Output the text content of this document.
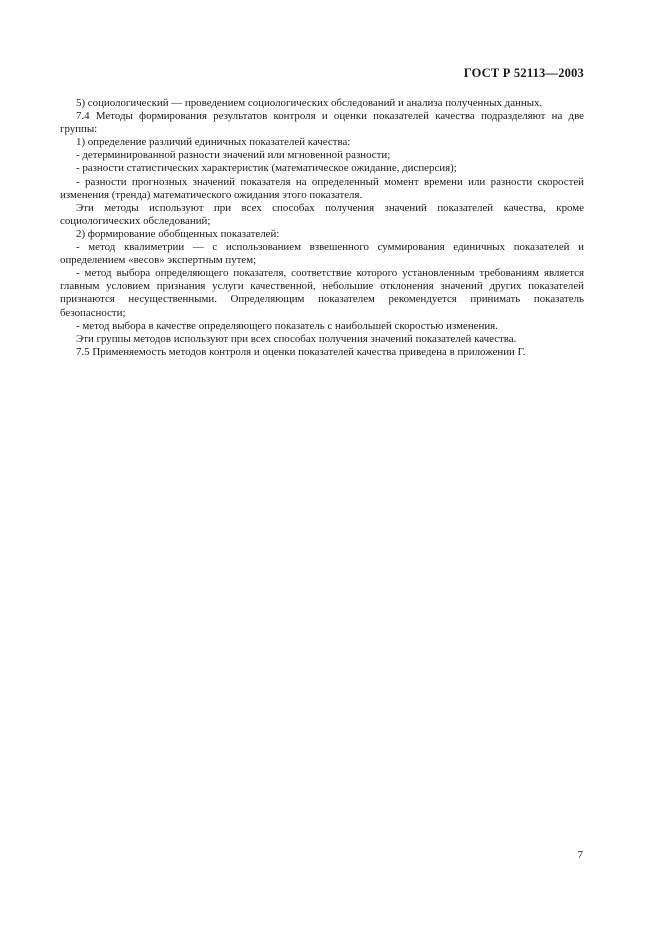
ГОСТ Р 52113—2003

5) социологический — проведением социологических обследований и анализа полученных данных.

7.4 Методы формирования результатов контроля и оценки показателей качества подразделяют на две группы:

1) определение различий единичных показателей качества:

- детерминированной разности значений или мгновенной разности;

- разности статистических характеристик (математическое ожидание, дисперсия);

- разности прогнозных значений показателя на определенный момент времени или разности скоростей изменения (тренда) математического ожидания этого показателя.

Эти методы используют при всех способах получения значений показателей качества, кроме социологических обследований;

2) формирование обобщенных показателей:

- метод квалиметрии — с использованием взвешенного суммирования единичных показателей и определением «весов» экспертным путем;

- метод выбора определяющего показателя, соответствие которого установленным требованиям является главным условием признания услуги качественной, небольшие отклонения значений других показателей признаются несущественными. Определяющим показателем рекомендуется принимать показатель безопасности;

- метод выбора в качестве определяющего показатель с наибольшей скоростью изменения.

Эти группы методов используют при всех способах получения значений показателей качества.

7.5 Применяемость методов контроля и оценки показателей качества приведена в приложении Г.

7
